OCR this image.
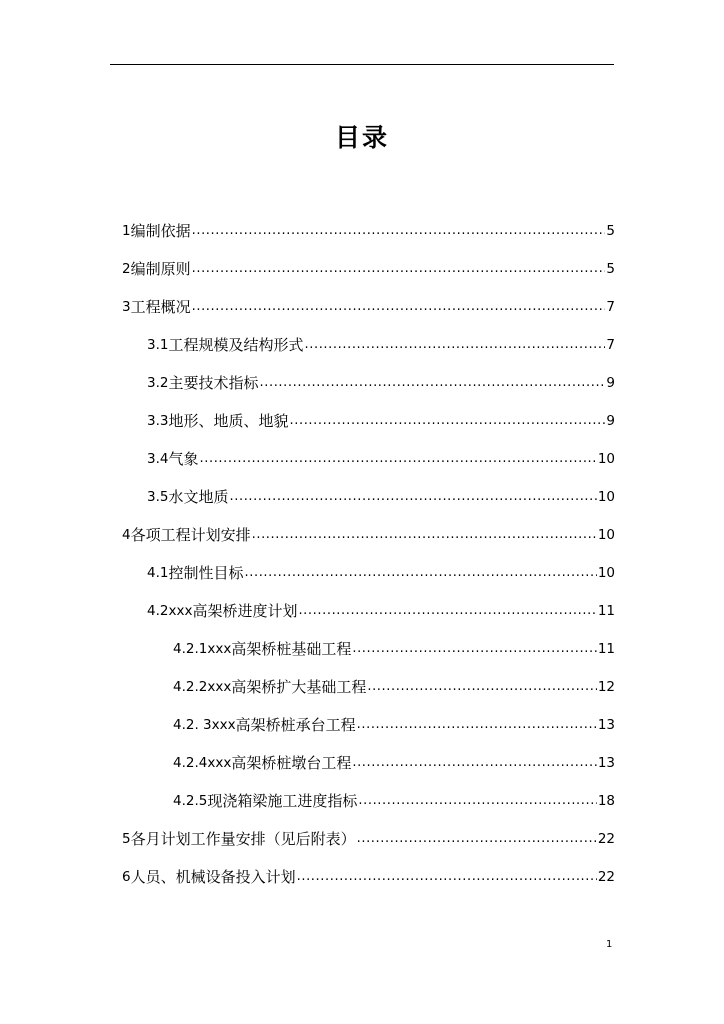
目录
1 编制依据 .....	5
2 编制原则 .....	5
3 工程概况 .....	7
3.1 工程规模及结构形式 .....	7
3.2 主要技术指标 .....	9
3.3 地形、地质、地貌 .....	9
3.4 气象 .....	10
3.5 水文地质 .....	10
4 各项工程计划安排 .....	10
4.1 控制性目标 .....	10
4.2xxx 高架桥进度计划 .....	11
4.2.1xxx 高架桥桩基础工程 .....	11
4.2.2xxx 高架桥扩大基础工程 .....	12
4.2. 3xxx 高架桥桩承台工程 .....	13
4.2.4xxx 高架桥桩墩台工程 .....	13
4.2.5 现浇箱梁施工进度指标 .....	18
5 各月计划工作量安排（见后附表） .....	22
6 人员、机械设备投入计划 .....	22
1
